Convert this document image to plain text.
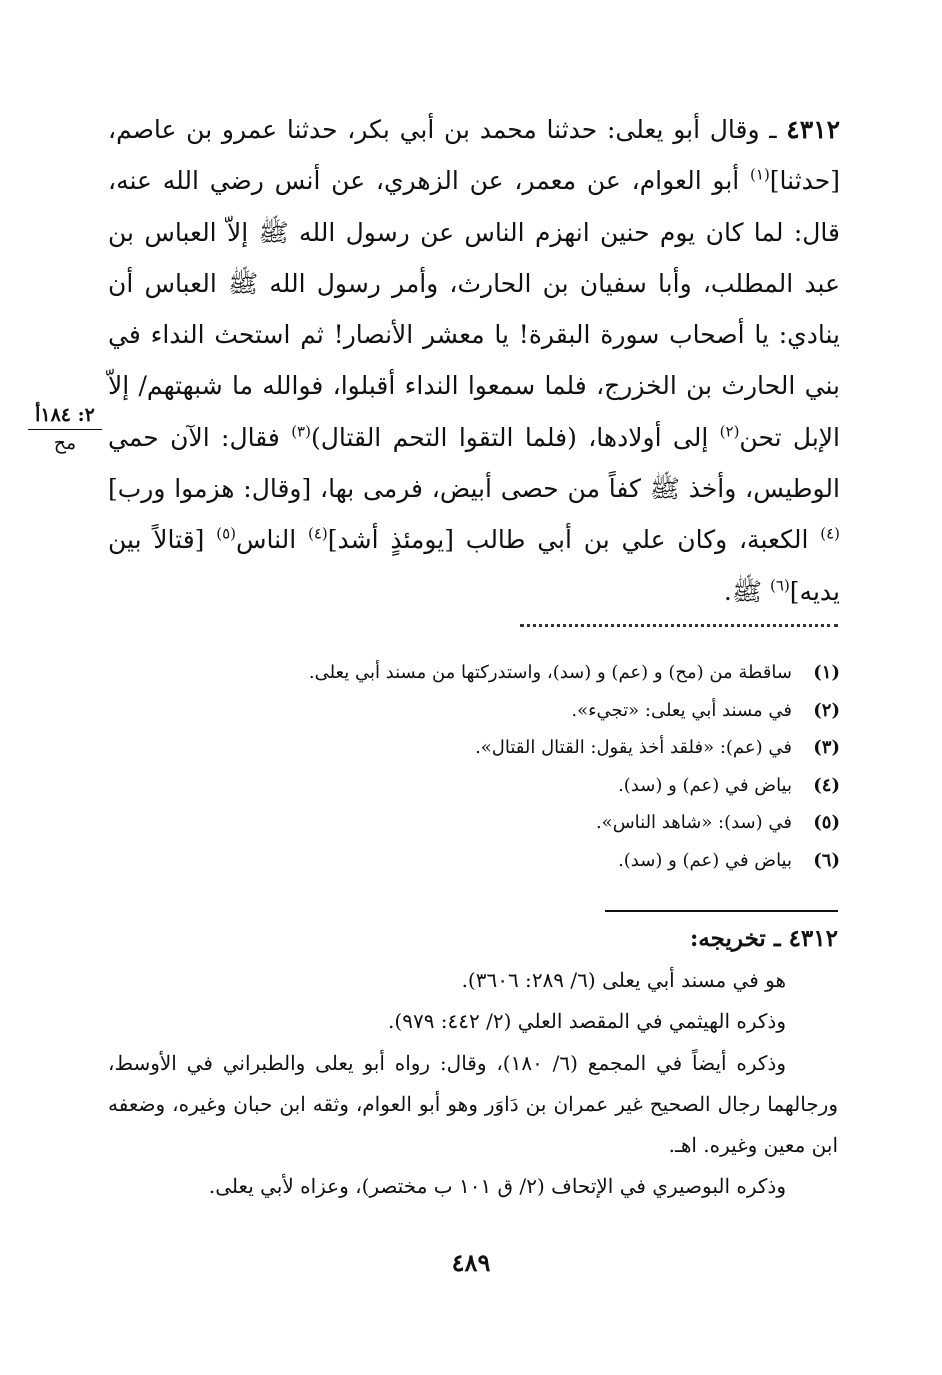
٤٣١٢ ـ وقال أبو يعلى: حدثنا محمد بن أبي بكر، حدثنا عمرو بن عاصم، [حدثنا]$^{(١)}$ أبو العوام، عن معمر، عن الزهري، عن أنس رضي الله عنه، قال: لما كان يوم حنين انهزم الناس عن رسول الله ﷺ إلاّ العباس بن عبد المطلب، وأبا سفيان بن الحارث، وأمر رسول الله ﷺ العباس أن ينادي: يا أصحاب سورة البقرة! يا معشر الأنصار! ثم استحث النداء في بني الحارث بن الخزرج، فلما سمعوا النداء أقبلوا، فوالله ما شبهتهم/ إلاّ الإبل تحن$^{(٢)}$ إلى أولادها، (فلما التقوا التحم القتال)$^{(٣)}$ فقال: الآن حمي الوطيس، وأخذ ﷺ كفاً من حصى أبيض، فرمى بها، [وقال: هزموا ورب]$^{(٤)}$ الكعبة، وكان علي بن أبي طالب [يومئذٍ أشد]$^{(٤)}$ الناس$^{(٥)}$ [قتالاً بين يديه]$^{(٦)}$ ﷺ.

٢: ١٨٤أ
مح
(١)ساقطة من (مح) و (عم) و (سد)، واستدركتها من مسند أبي يعلى.
(٢)في مسند أبي يعلى: «تجيء».
(٣)في (عم): «فلقد أخذ يقول: القتال القتال».
(٤)بياض في (عم) و (سد).
(٥)في (سد): «شاهد الناس».
(٦)بياض في (عم) و (سد).
٤٣١٢ ـ تخريجه:

هو في مسند أبي يعلى (٦/ ٢٨٩: ٣٦٠٦).

وذكره الهيثمي في المقصد العلي (٢/ ٤٤٢: ٩٧٩).

وذكره أيضاً في المجمع (٦/ ١٨٠)، وقال: رواه أبو يعلى والطبراني في الأوسط، ورجالهما رجال الصحيح غير عمران بن دَاوَر وهو أبو العوام، وثقه ابن حبان وغيره، وضعفه ابن معين وغيره. اهـ.

وذكره البوصيري في الإتحاف (٢/ ق ١٠١ ب مختصر)، وعزاه لأبي يعلى.

٤٨٩
